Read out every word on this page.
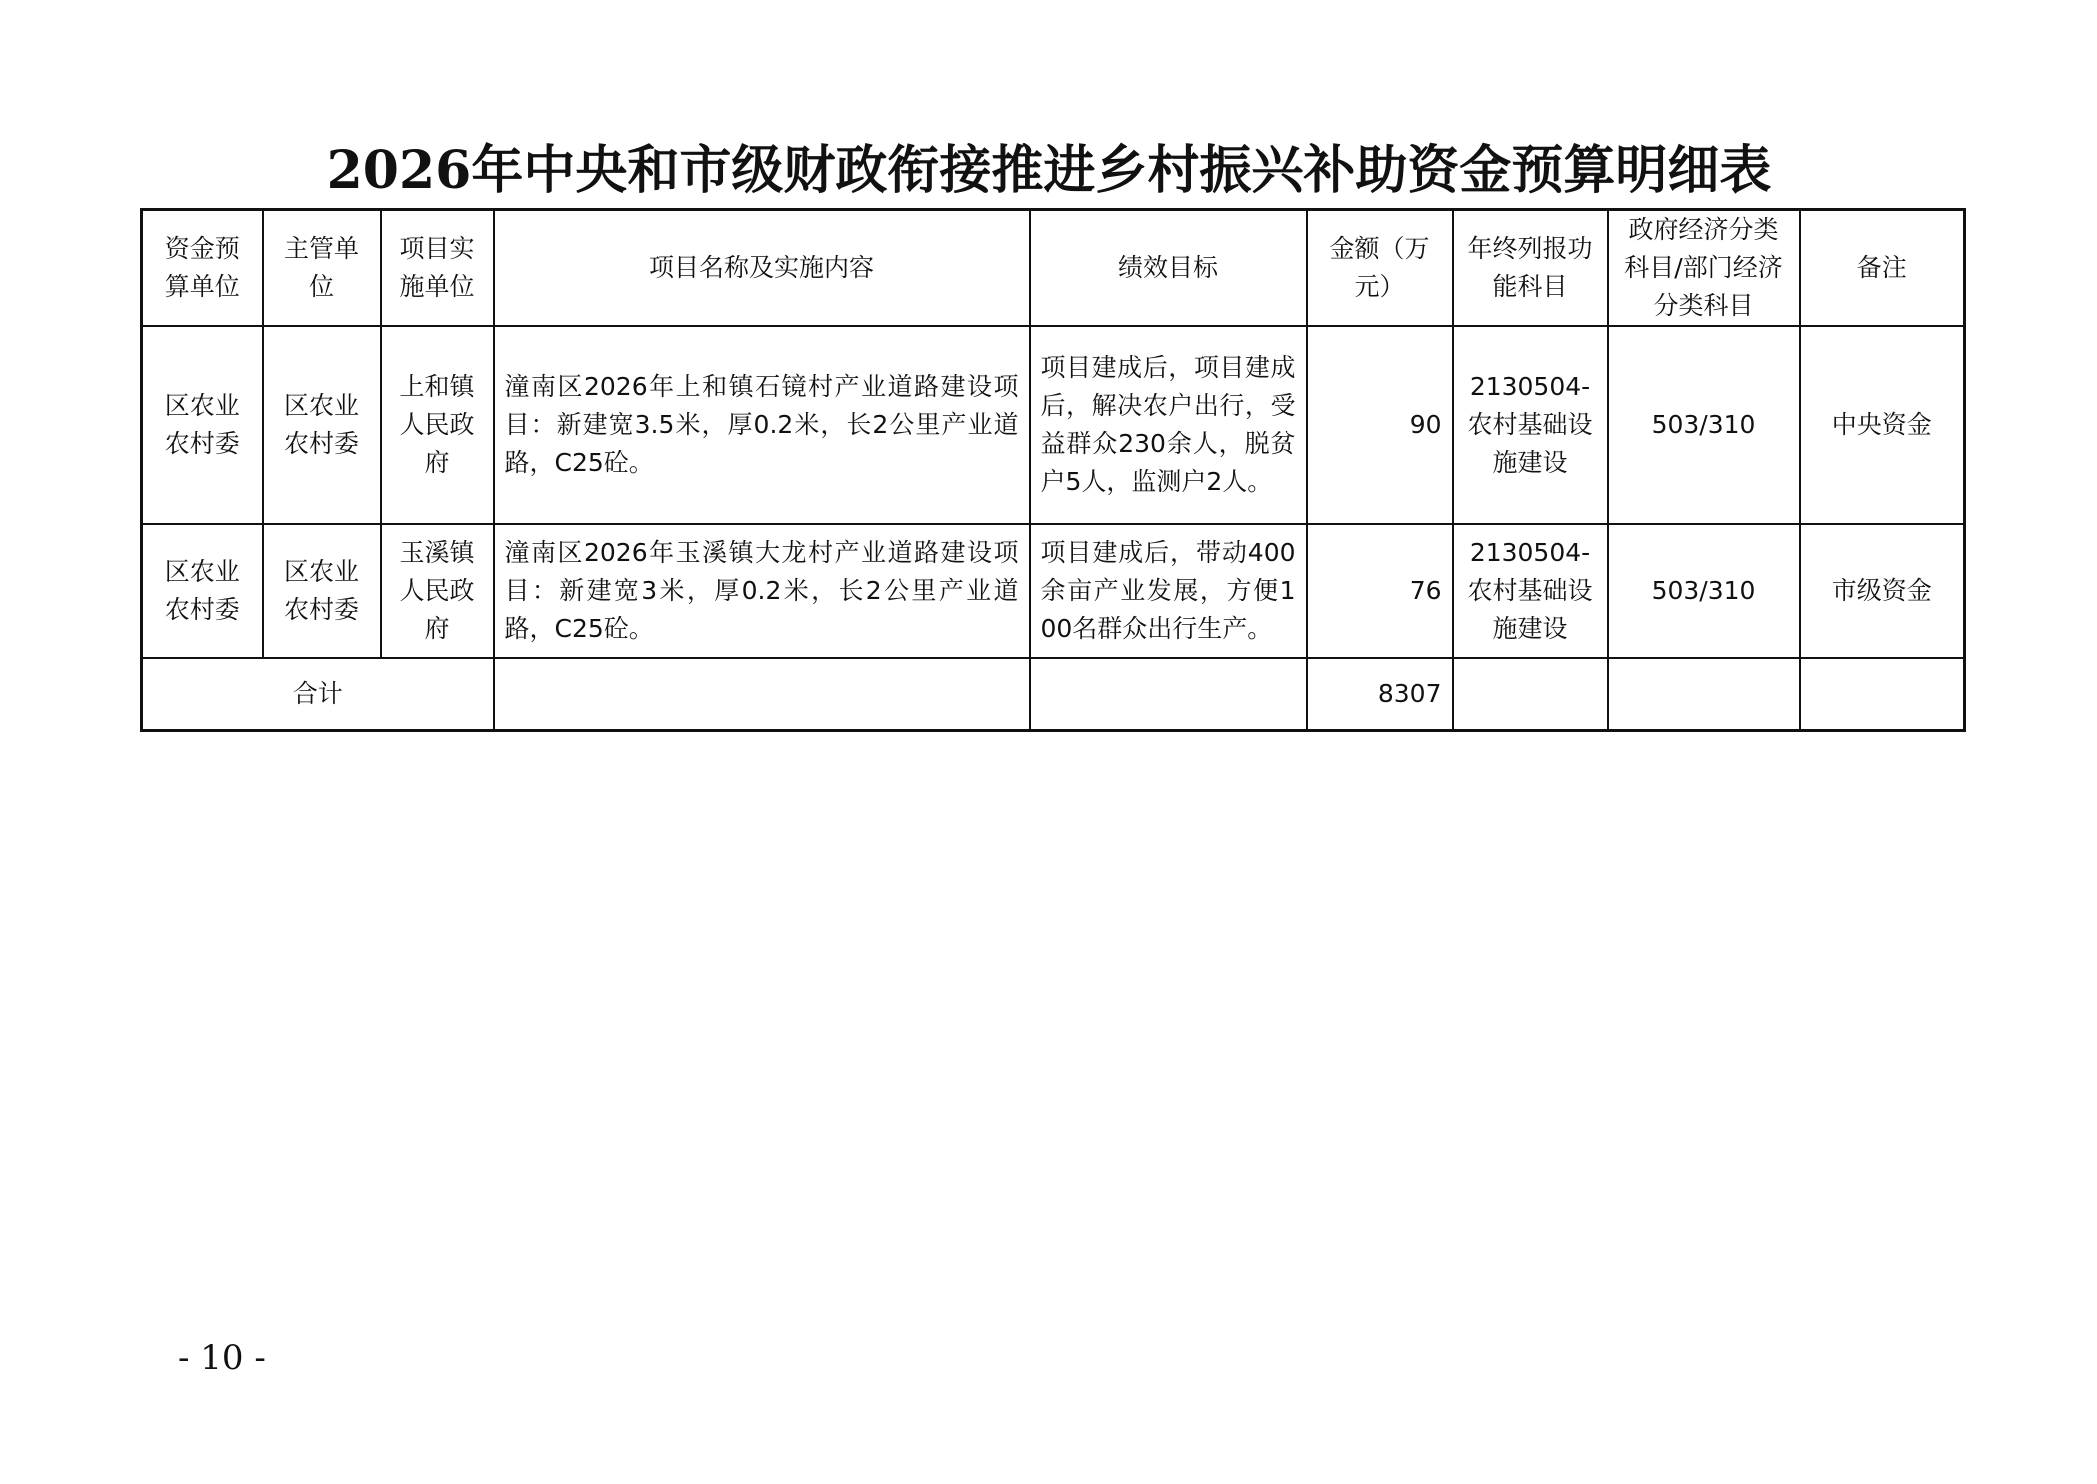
2026年中央和市级财政衔接推进乡村振兴补助资金预算明细表
资金预算单位	主管单位	项目实施单位	项目名称及实施内容	绩效目标	金额（万元）	年终列报功能科目	政府经济分类科目/部门经济分类科目	备注
区农业农村委	区农业农村委	上和镇人民政府	潼南区2026年上和镇石镜村产业道路建设项目：新建宽3.5米，厚0.2米，长2公里产业道路，C25砼。	项目建成后，项目建成后，解决农户出行，受益群众230余人，脱贫户5人，监测户2人。	90	2130504-农村基础设施建设	503/310	中央资金
区农业农村委	区农业农村委	玉溪镇人民政府	潼南区2026年玉溪镇大龙村产业道路建设项目：新建宽3米，厚0.2米，长2公里产业道路，C25砼。	项目建成后，带动400余亩产业发展，方便100名群众出行生产。	76	2130504-农村基础设施建设	503/310	市级资金
合计					8307			
- 10 -
